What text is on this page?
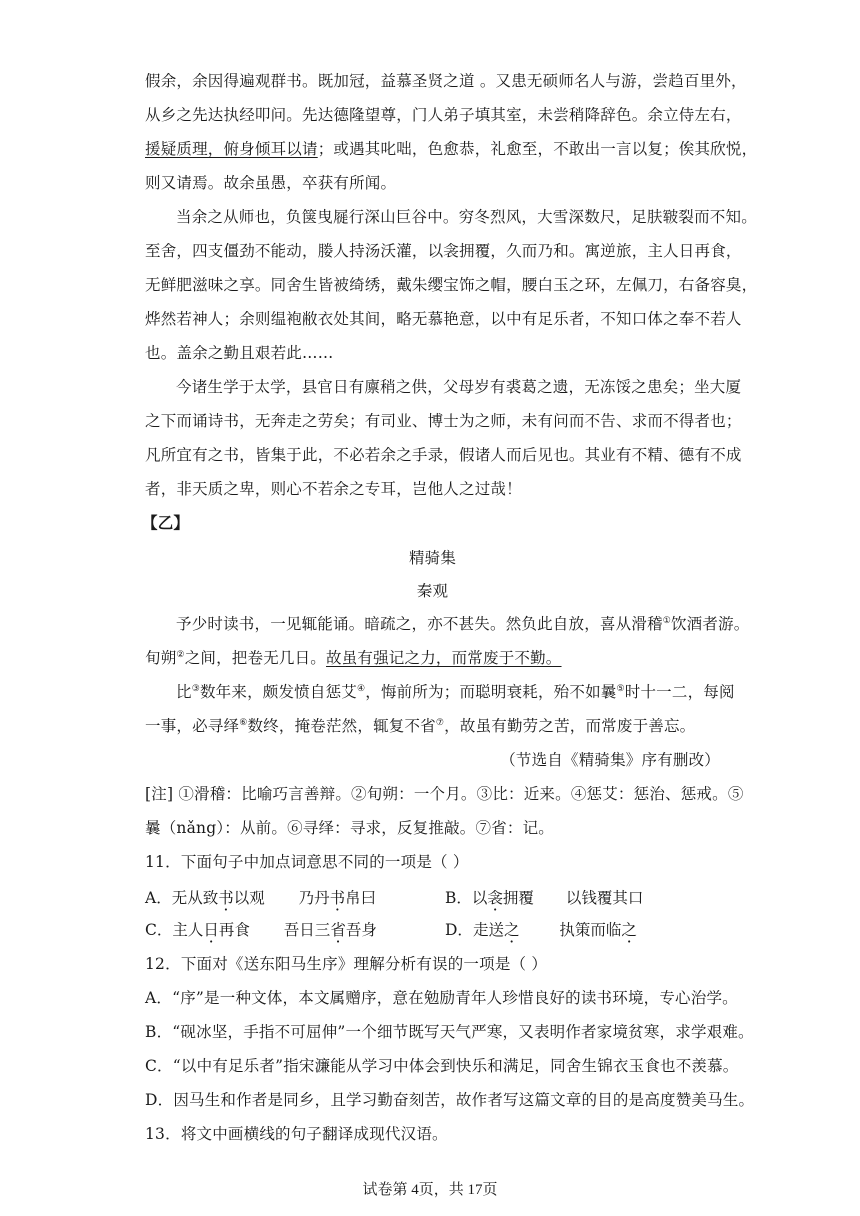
假余，余因得遍观群书。既加冠，益慕圣贤之道 。又患无硕师名人与游，尝趋百里外，
从乡之先达执经叩问。先达德隆望尊，门人弟子填其室，未尝稍降辞色。余立侍左右，
援疑质理，俯身倾耳以请；或遇其叱咄，色愈恭，礼愈至，不敢出一言以复；俟其欣悦，
则又请焉。故余虽愚，卒获有所闻。
当余之从师也，负箧曳屣行深山巨谷中。穷冬烈风，大雪深数尺，足肤皲裂而不知。
至舍，四支僵劲不能动，媵人持汤沃灌，以衾拥覆，久而乃和。寓逆旅，主人日再食，
无鲜肥滋味之享。同舍生皆被绮绣，戴朱缨宝饰之帽，腰白玉之环，左佩刀，右备容臭，
烨然若神人；余则缊袍敝衣处其间，略无慕艳意，以中有足乐者，不知口体之奉不若人
也。盖余之勤且艰若此……
今诸生学于太学，县官日有廪稍之供，父母岁有裘葛之遗，无冻馁之患矣；坐大厦
之下而诵诗书，无奔走之劳矣；有司业、博士为之师，未有问而不告、求而不得者也；
凡所宜有之书，皆集于此，不必若余之手录，假诸人而后见也。其业有不精、德有不成
者，非天质之卑，则心不若余之专耳，岂他人之过哉！
【乙】
精骑集
秦观
予少时读书，一见辄能诵。暗疏之，亦不甚失。然负此自放，喜从滑稽①饮酒者游。
旬朔②之间，把卷无几日。故虽有强记之力，而常废于不勤。
比③数年来，颇发愤自惩艾④，悔前所为；而聪明衰耗，殆不如曩⑤时十一二，每阅
一事，必寻绎⑥数终，掩卷茫然，辄复不省⑦，故虽有勤劳之苦，而常废于善忘。
（节选自《精骑集》序有删改）
[注] ①滑稽：比喻巧言善辩。②旬朔：一个月。③比：近来。④惩艾：惩治、惩戒。⑤
曩（nǎng）：从前。⑥寻绎：寻求，反复推敲。⑦省：记。
11．下面句子中加点词意思不同的一项是（ ）
A．无从致书以观 乃丹书帛曰	B．以衾拥覆 以钱覆其口
C．主人日再食 吾日三省吾身	D．走送之	执策而临之
12．下面对《送东阳马生序》理解分析有误的一项是（ ）
A．“序”是一种文体，本文属赠序，意在勉励青年人珍惜良好的读书环境，专心治学。
B．“砚冰坚，手指不可屈伸”一个细节既写天气严寒，又表明作者家境贫寒，求学艰难。
C．“以中有足乐者”指宋濂能从学习中体会到快乐和满足，同舍生锦衣玉食也不羡慕。
D．因马生和作者是同乡，且学习勤奋刻苦，故作者写这篇文章的目的是高度赞美马生。
13．将文中画横线的句子翻译成现代汉语。
试卷第 4页，共 17页
